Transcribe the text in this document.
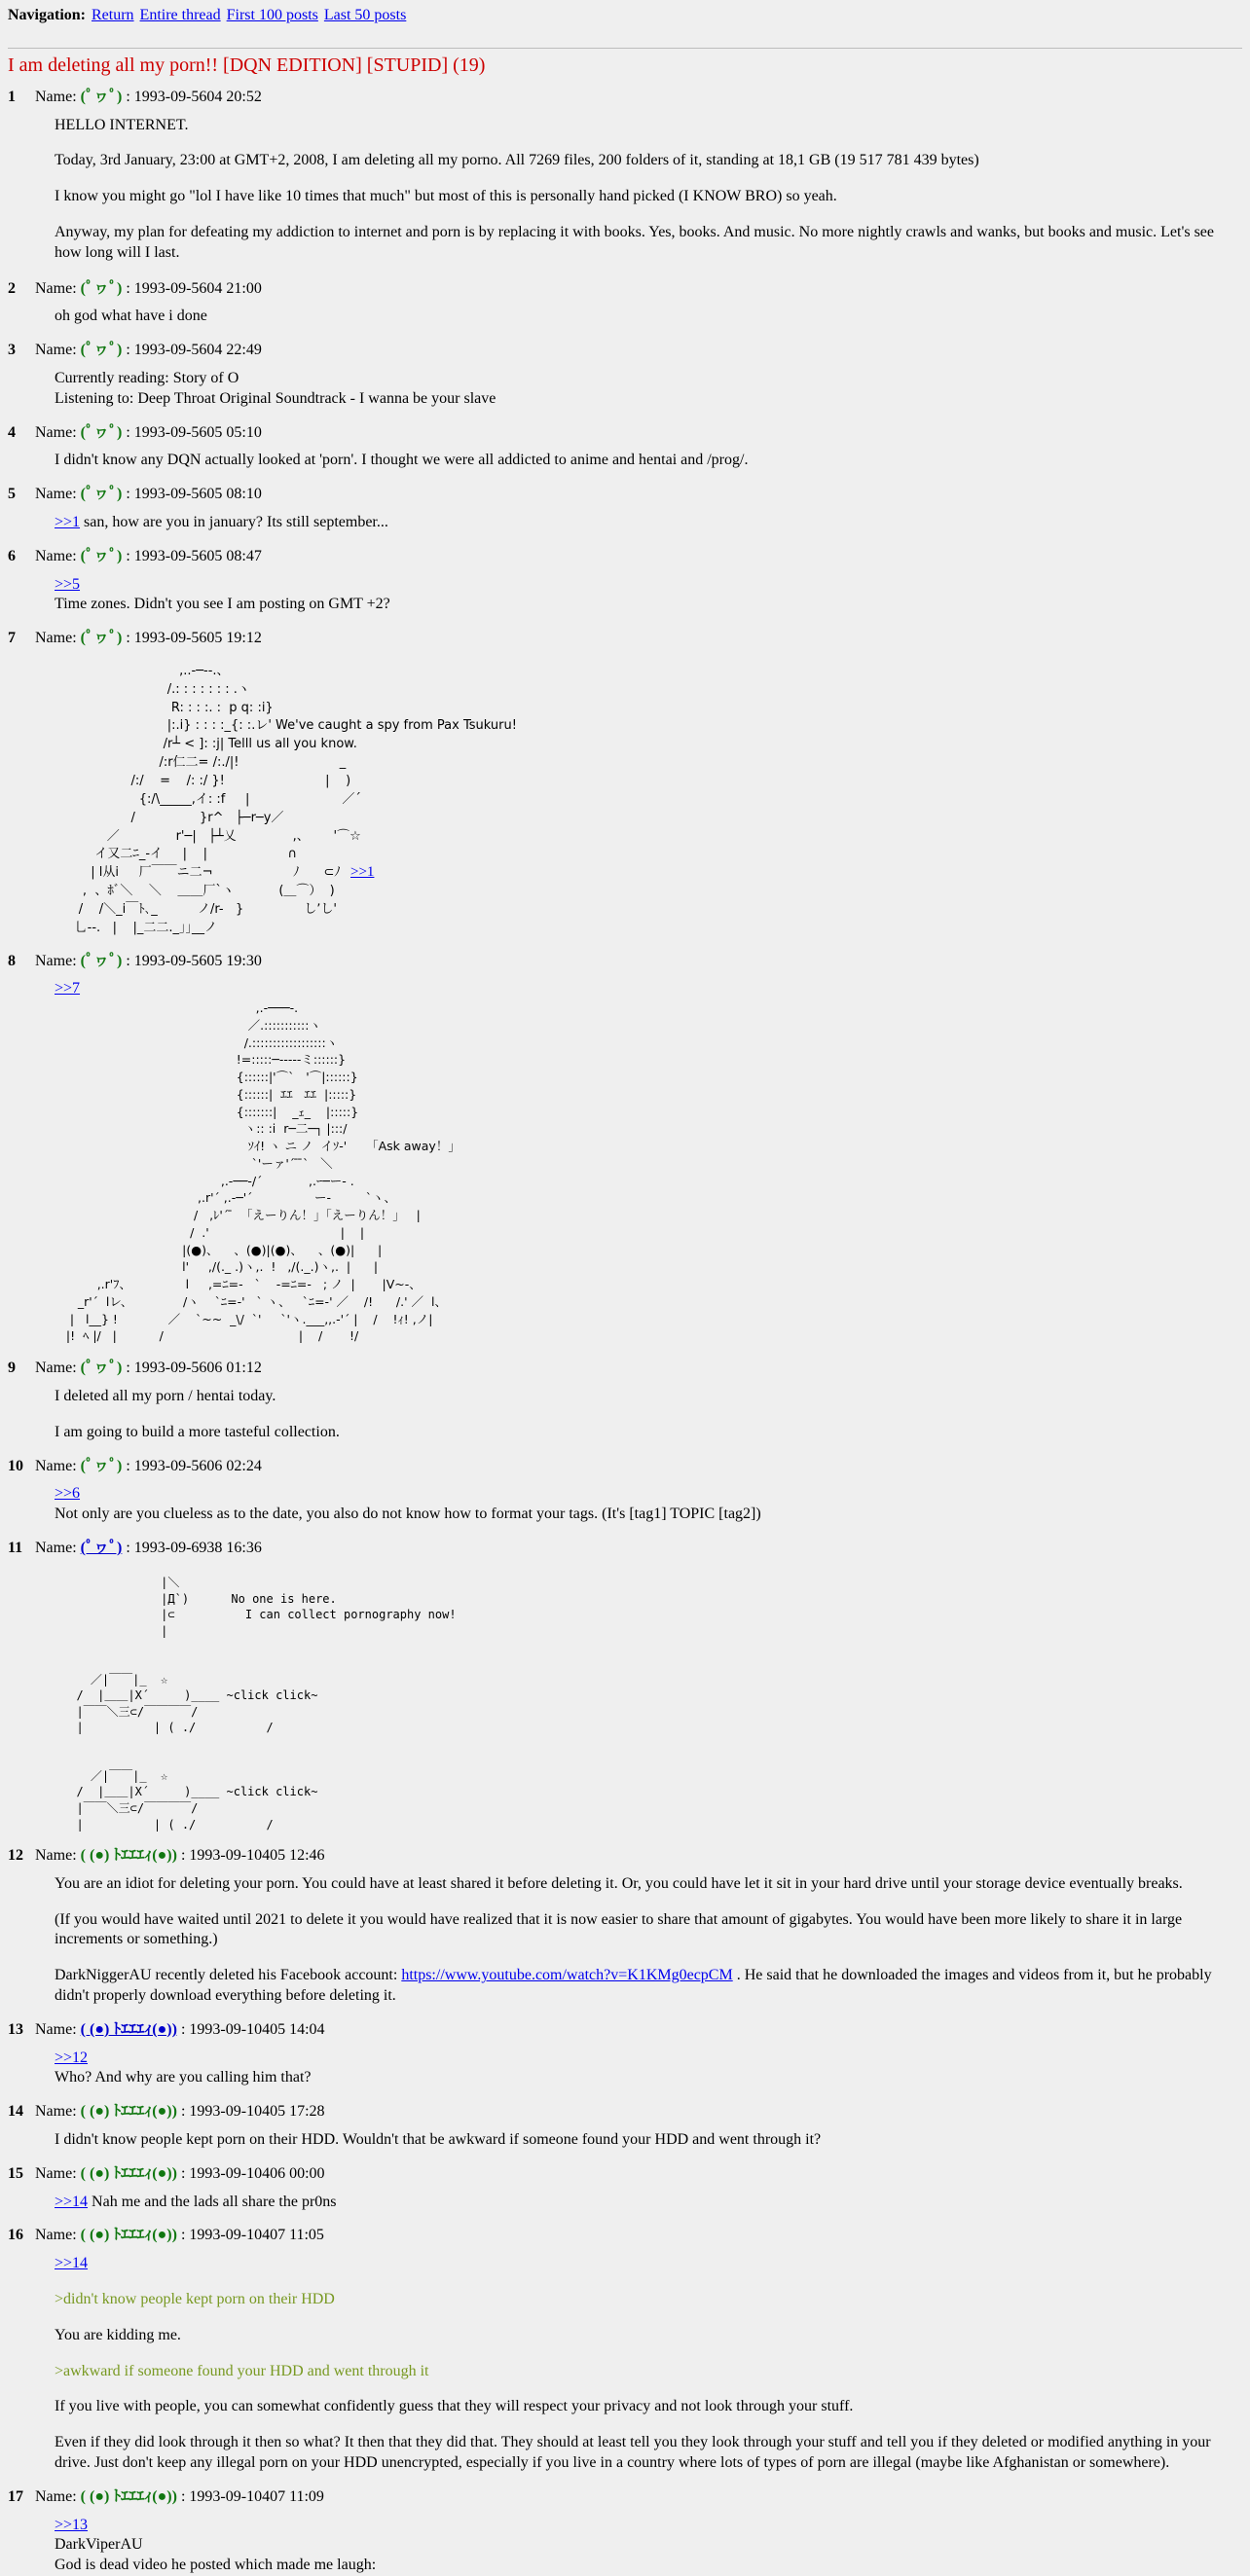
Navigation: Return Entire thread First 100 posts Last 50 posts
I am deleting all my porn!! [DQN EDITION] [STUPID] (19)
1 Name: (ﾟヮﾟ) : 1993-09-5604 20:52

HELLO INTERNET.

Today, 3rd January, 23:00 at GMT+2, 2008, I am deleting all my porno. All 7269 files, 200 folders of it, standing at 18,1 GB (19 517 781 439 bytes)

I know you might go "lol I have like 10 times that much" but most of this is personally hand picked (I KNOW BRO) so yeah.

Anyway, my plan for defeating my addiction to internet and porn is by replacing it with books. Yes, books. And music. No more nightly crawls and wanks, but books and music. Let's see how long will I last.

2 Name: (ﾟヮﾟ) : 1993-09-5604 21:00

oh god what have i done

3 Name: (ﾟヮﾟ) : 1993-09-5604 22:49

Currently reading: Story of O

Listening to: Deep Throat Original Soundtrack - I wanna be your slave

4 Name: (ﾟヮﾟ) : 1993-09-5605 05:10

I didn't know any DQN actually looked at 'porn'. I thought we were all addicted to anime and hentai and /prog/.

5 Name: (ﾟヮﾟ) : 1993-09-5605 08:10

>>1 san, how are you in january? Its still september...

6 Name: (ﾟヮﾟ) : 1993-09-5605 08:47

>>5

Time zones. Didn't you see I am posting on GMT +2?

7 Name: (ﾟヮﾟ) : 1993-09-5605 19:12
,..-─‐-.、
/.: : : : : : : .ヽ
R: : : :. :  p q: :i}
|:.i} : : : :_{: :.レ' We've caught a spy from Pax Tsukuru!
/r┴ < ]: :j| Telll us all you know.
/:r仁二= /:./|!                         _
/:/    =    /: :/ }!                         |    )
{:/\_____,イ: :f     |                       ／´
/                }r^   ├─r─y／
／              r'─|   ├┴乂              ,、      '⌒☆
イ又二ﾆ_‐イ     |    |                    ∩
| l从i     厂￣￣ニ二¬                    ﾉ      ⊂ﾉ
,  、ﾎﾞ＼    ＼    ＿＿厂`ヽ           (＿⌒）  )
/    /＼_i￣ﾄ､_          ノ/r-   }               しʼし'
乚--.   |    |_二二._｣｣__ノ
>>1
8 Name: (ﾟヮﾟ) : 1993-09-5605 19:30

>>7

,.-───-.
／.:::::::::::ヽ
/.::::::::::::::::::ヽ
!=:::::─-----ミ::::::}
{::::::|'⌒`   '⌒|::::::}
{::::::|  ｴｴ   ｴｴ  |:::::}
{:::::::|    _ｪ_    |:::::}
ヽ:: :i  r─二─┐ |:::/
ｿｲ! ヽ ニ ノ  イｿ-'     「Ask away！」
`'ーァ'´ ̄ ̄`   ＼
,.-──‐/´            ,.ｰ─ー- .
,.r'´ ,.-─'´                ー-         `ヽ、
/   ,ﾚ'´ ̄  「えーりん！」「えーりん！」   |
/  .'                                  |    |
|(●)、    、(●)|(●)、    、(●)|      |
l'     ,/(._ .)ヽ,.  !   ,/(._.)ヽ,.  |      |
,.r'ﾌ、              l     ,=ﾆ=-   `    -=ﾆ=-   ; ノ  |       |V~-、
_r'´  lレ、             /ヽ    `ﾆ=-'   ` ヽ、   `ﾆ=-' ／    /!      /.' ／  l、
|   l__} !             ／    `~~  _\/  `'     `'ヽ.___,,.-'´ |    /    !ｨ! ,ノ|
|!  ﾍ |/   |           /                                   |    /       !/
9 Name: (ﾟヮﾟ) : 1993-09-5606 01:12

I deleted all my porn / hentai today.

I am going to build a more tasteful collection.

10 Name: (ﾟヮﾟ) : 1993-09-5606 02:24

>>6

Not only are you clueless as to the date, you also do not know how to format your tags. (It's [tag1] TOPIC [tag2])

11 Name: (ﾟヮﾟ) : 1993-09-6938 16:36

|＼
|Д`)      No one is here.
|⊂          I can collect pornography now!
|

／|￣￣|_  ☆
/  |＿＿|X´     )____ ~click click~
|￣￣＼三⊂/￣￣￣￣/
|          | ( ./          /

／|￣￣|_  ☆
/  |＿＿|X´     )____ ~click click~
|￣￣＼三⊂/￣￣￣￣/
|          | ( ./          /
12 Name: ( (●) ﾄｴｴｴｨ(●)) : 1993-09-10405 12:46

You are an idiot for deleting your porn. You could have at least shared it before deleting it. Or, you could have let it sit in your hard drive until your storage device eventually breaks.

(If you would have waited until 2021 to delete it you would have realized that it is now easier to share that amount of gigabytes. You would have been more likely to share it in large increments or something.)

DarkNiggerAU recently deleted his Facebook account: https://www.youtube.com/watch?v=K1KMg0ecpCM . He said that he downloaded the images and videos from it, but he probably didn't properly download everything before deleting it.

13 Name: ( (●) ﾄｴｴｴｨ(●)) : 1993-09-10405 14:04

>>12

Who? And why are you calling him that?

14 Name: ( (●) ﾄｴｴｴｨ(●)) : 1993-09-10405 17:28

I didn't know people kept porn on their HDD. Wouldn't that be awkward if someone found your HDD and went through it?

15 Name: ( (●) ﾄｴｴｴｨ(●)) : 1993-09-10406 00:00

>>14 Nah me and the lads all share the pr0ns

16 Name: ( (●) ﾄｴｴｴｨ(●)) : 1993-09-10407 11:05

>>14

>didn't know people kept porn on their HDD

You are kidding me.

>awkward if someone found your HDD and went through it

If you live with people, you can somewhat confidently guess that they will respect your privacy and not look through your stuff.

Even if they did look through it then so what? It then that they did that. They should at least tell you they look through your stuff and tell you if they deleted or modified anything in your drive. Just don't keep any illegal porn on your HDD unencrypted, especially if you live in a country where lots of types of porn are illegal (maybe like Afghanistan or somewhere).

17 Name: ( (●) ﾄｴｴｴｨ(●)) : 1993-09-10407 11:09

>>13

DarkViperAU

God is dead video he posted which made me laugh:
